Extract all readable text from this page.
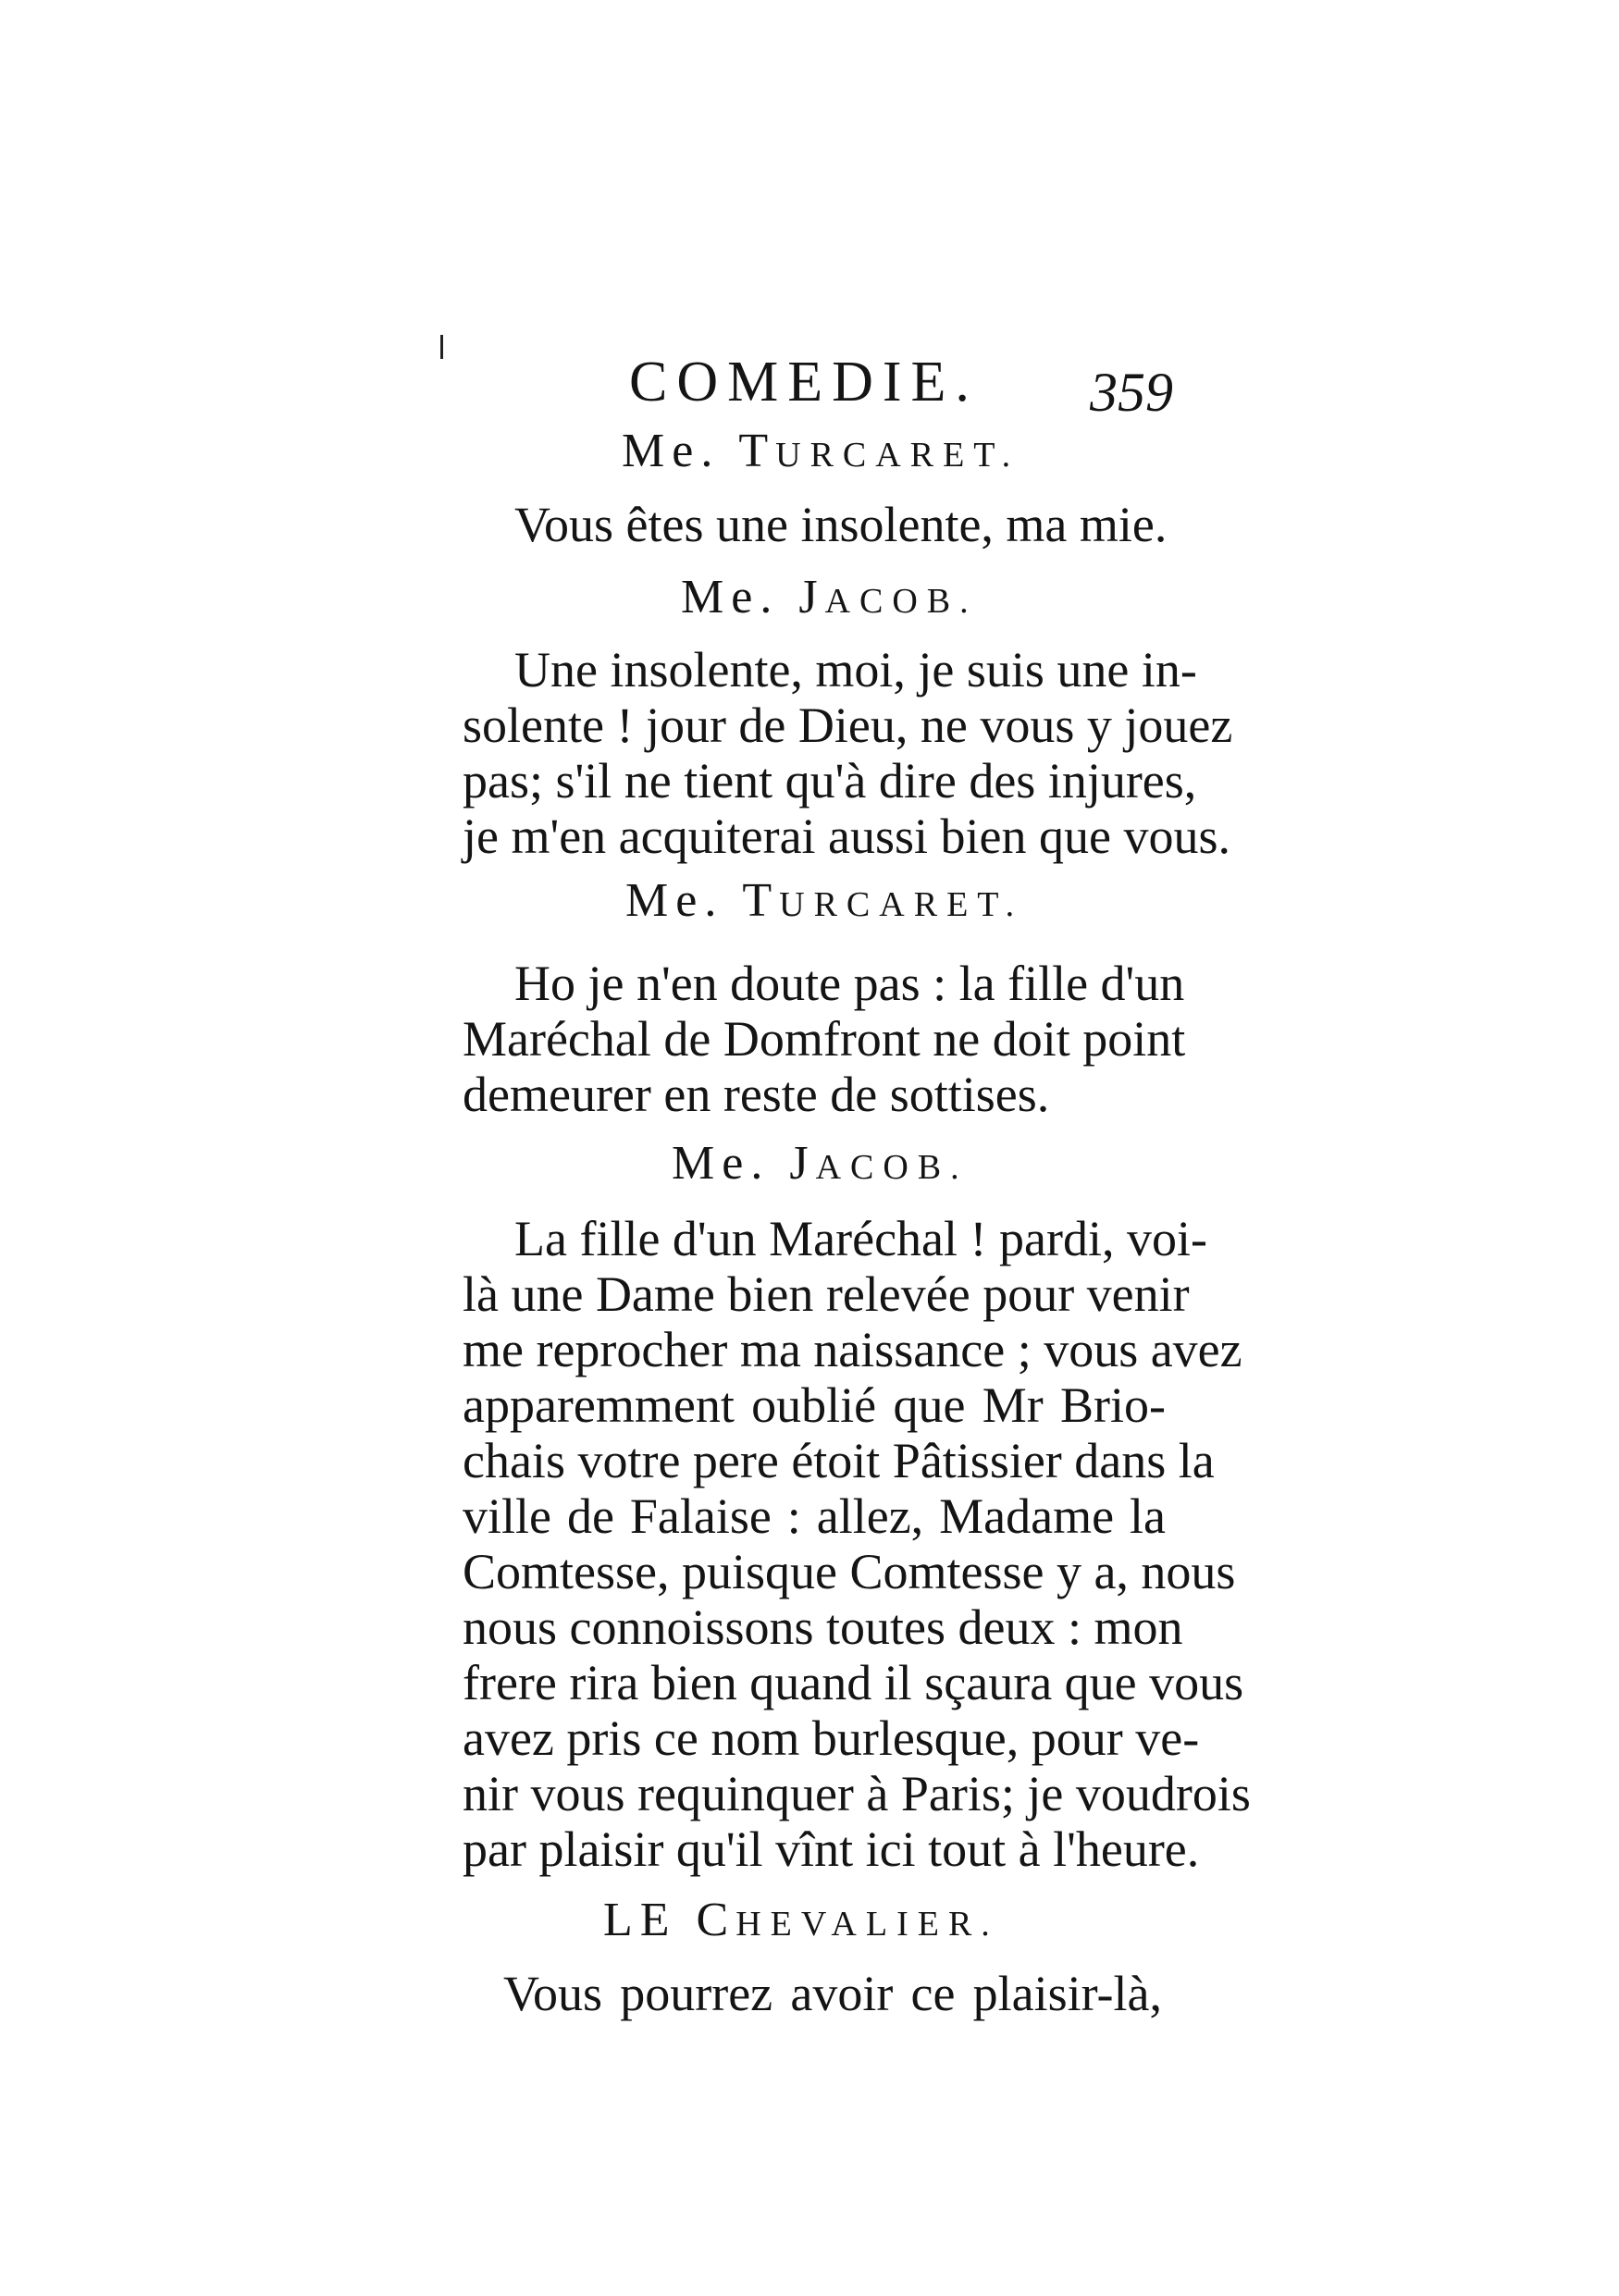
COMEDIE. 359
Me. TURCARET.
Vous êtes une insolente, ma mie.
Me. JACOB.
Une insolente, moi, je suis une in-
solente ! jour de Dieu, ne vous y jouez
pas; s'il ne tient qu'à dire des injures,
je m'en acquiterai aussi bien que vous.
Me. TURCARET.
Ho je n'en doute pas : la fille d'un
Maréchal de Domfront ne doit point
demeurer en reste de sottises.
Me. JACOB.
La fille d'un Maréchal ! pardi, voi-
là une Dame bien relevée pour venir
me reprocher ma naissance ; vous avez
apparemment oublié que Mr Brio-
chais votre pere étoit Pâtissier dans la
ville de Falaise : allez, Madame la
Comtesse, puisque Comtesse y a, nous
nous connoissons toutes deux : mon
frere rira bien quand il sçaura que vous
avez pris ce nom burlesque, pour ve-
nir vous requinquer à Paris; je voudrois
par plaisir qu'il vînt ici tout à l'heure.
LE CHEVALIER.
Vous pourrez avoir ce plaisir-là,
